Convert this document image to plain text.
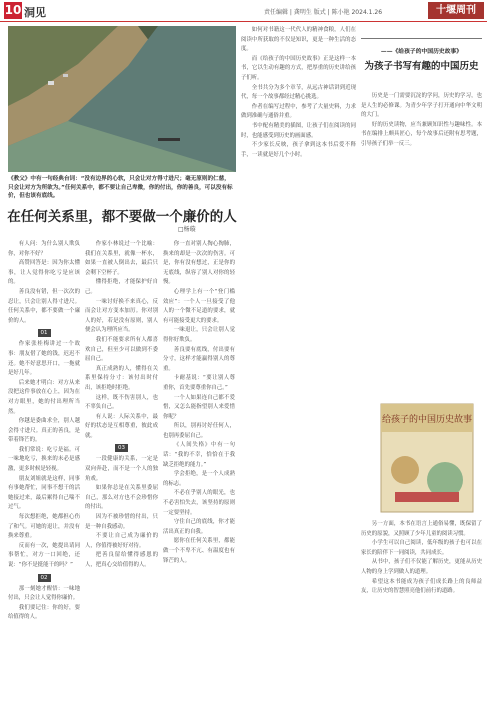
10 洞见	责任编辑 | 龚明生 版式 | 陈小艳 2024.1.26	十堰周刊
《教父》中有一句经典台词：“没有边界的心软，只会让对方得寸进尺；毫无原则的仁慈，只会让对方为所欲为。”任何关系中，都不要让自己卑微，你的付出，你的善良，可以没有标价，但也该有底线。
在任何关系里，都不要做一个廉价的人
□杨璇

有人问：为什么别人欺负你，对你不好？

高赞回答是：因为你太懂事，让人觉得你吃亏是应该的。

善良没有错，但一次次的忍让，只会让别人得寸进尺。任何关系中，都不要做一个廉价的人。

01

作家张桂梅讲过一个故事：朋友借了她的钱，迟迟不还。她不好意思开口，一拖就是好几年。

后来她才明白：对方从来没把这件事放在心上，因为在对方眼里，她的付出理所当然。

你越是委曲求全，别人越会得寸进尺。真正的善良，是带着锋芒的。

我们常说：吃亏是福。可一味地吃亏，换来的未必是感激，更多时候是轻视。

朋友刘姐就是这样，同事有事她帮忙，同事不想干的活她接过来，最后累得自己喘不过气。

每次想拒绝，她都担心伤了和气。可她的退让，并没有换来尊重。

反而有一次，她提出请同事帮忙，对方一口回绝，还说：“你不是挺能干的吗？”

02

那一刻她才醒悟：一味地付出，只会让人觉得你廉价。

我们要记住：你的好，要给值得的人。

作家小林说过一个比喻：我们在关系里，就像一杯水，如果一直被人倒出去，最后只会剩下空杯子。

懂得拒绝，才能保护好自己。

一味讨好换不来真心，反而会让对方变本加厉。你对别人的好，若是没有原则，别人便会认为理所应当。

我们不能要求所有人都喜欢自己，但至少可以做到不委屈自己。

真正成熟的人，懂得在关系里保持分寸：该付出时付出，该拒绝时拒绝。

这样，既不伤害别人，也不辜负自己。

有人说：人际关系中，最好的状态是互相尊重，彼此成就。

03

一段健康的关系，一定是双向奔赴，而不是一个人的独角戏。

如果你总是在关系里委屈自己，那么对方也不会珍惜你的付出。

因为不被珍惜的付出，只是一种自我感动。

不要让自己成为廉价的人，你值得被好好对待。

把善良留给懂得感恩的人，把真心交给值得的人。

你一直对别人掏心掏肺，换来的却是一次次的伤害。可是，你有没有想过，正是你的无底线，纵容了别人对你的轻慢。

心理学上有一个“登门槛效应”：一个人一旦接受了他人的一个微不足道的要求，就有可能接受更大的要求。

一味退让，只会让别人觉得你好欺负。

善良要有底线，付出要有分寸，这样才能赢得别人的尊重。

卡耐基说：“要让别人尊重你，首先要尊重你自己。”

一个人如果连自己都不爱惜，又怎么能指望别人来爱惜你呢？

所以，别再讨好任何人，也别再委屈自己。

《人间失格》中有一句话：“我的不幸，恰恰在于我缺乏拒绝的能力。”

学会拒绝，是一个人成熟的标志。

不必在乎别人的眼光，也不必害怕失去，该坚持的原则一定要坚持。

守住自己的底线，你才能活出真正的自我。

愿你在任何关系里，都能做一个不卑不亢、有温度也有锋芒的人。

如何对书籍这一代代人的精神食粮，人们在阅读中所获取的不仅是知识，更是一种生活的态度。

而《给孩子的中国历史故事》正是这样一本书，它以生动有趣的方式，把厚重的历史讲给孩子们听。

全书共分为多个章节，从远古神话讲到近现代，每一个故事都经过精心挑选。

作者在编写过程中，参考了大量史料，力求做到准确与通俗并重。

书中配有精美的插图，让孩子们在阅读的同时，也能感受到历史的画面感。

不少家长反映，孩子拿到这本书后爱不释手，一读就是好几个小时。

——《给孩子的中国历史故事》
为孩子书写有趣的中国历史

历史是一门需要沉淀的学问，历史的学习，也是人生的必修课。为青少年学子打开通向中华文明的大门。

好的历史读物，应当兼顾知识性与趣味性。本书在编排上颇具匠心，每个故事后还附有思考题，引导孩子们举一反三。

给孩子的中国历史故事

另一方面，本书在语言上通俗易懂，既保留了历史的原貌，又照顾了少年儿童的阅读习惯。

小学生可以自己阅读，低年级的孩子也可以在家长的陪伴下一同阅读，共同成长。

从书中，孩子们不仅能了解历史，更能从历史人物的身上学到做人的道理。

希望这本书能成为孩子们成长路上的良师益友，让历史的智慧照亮他们前行的道路。
